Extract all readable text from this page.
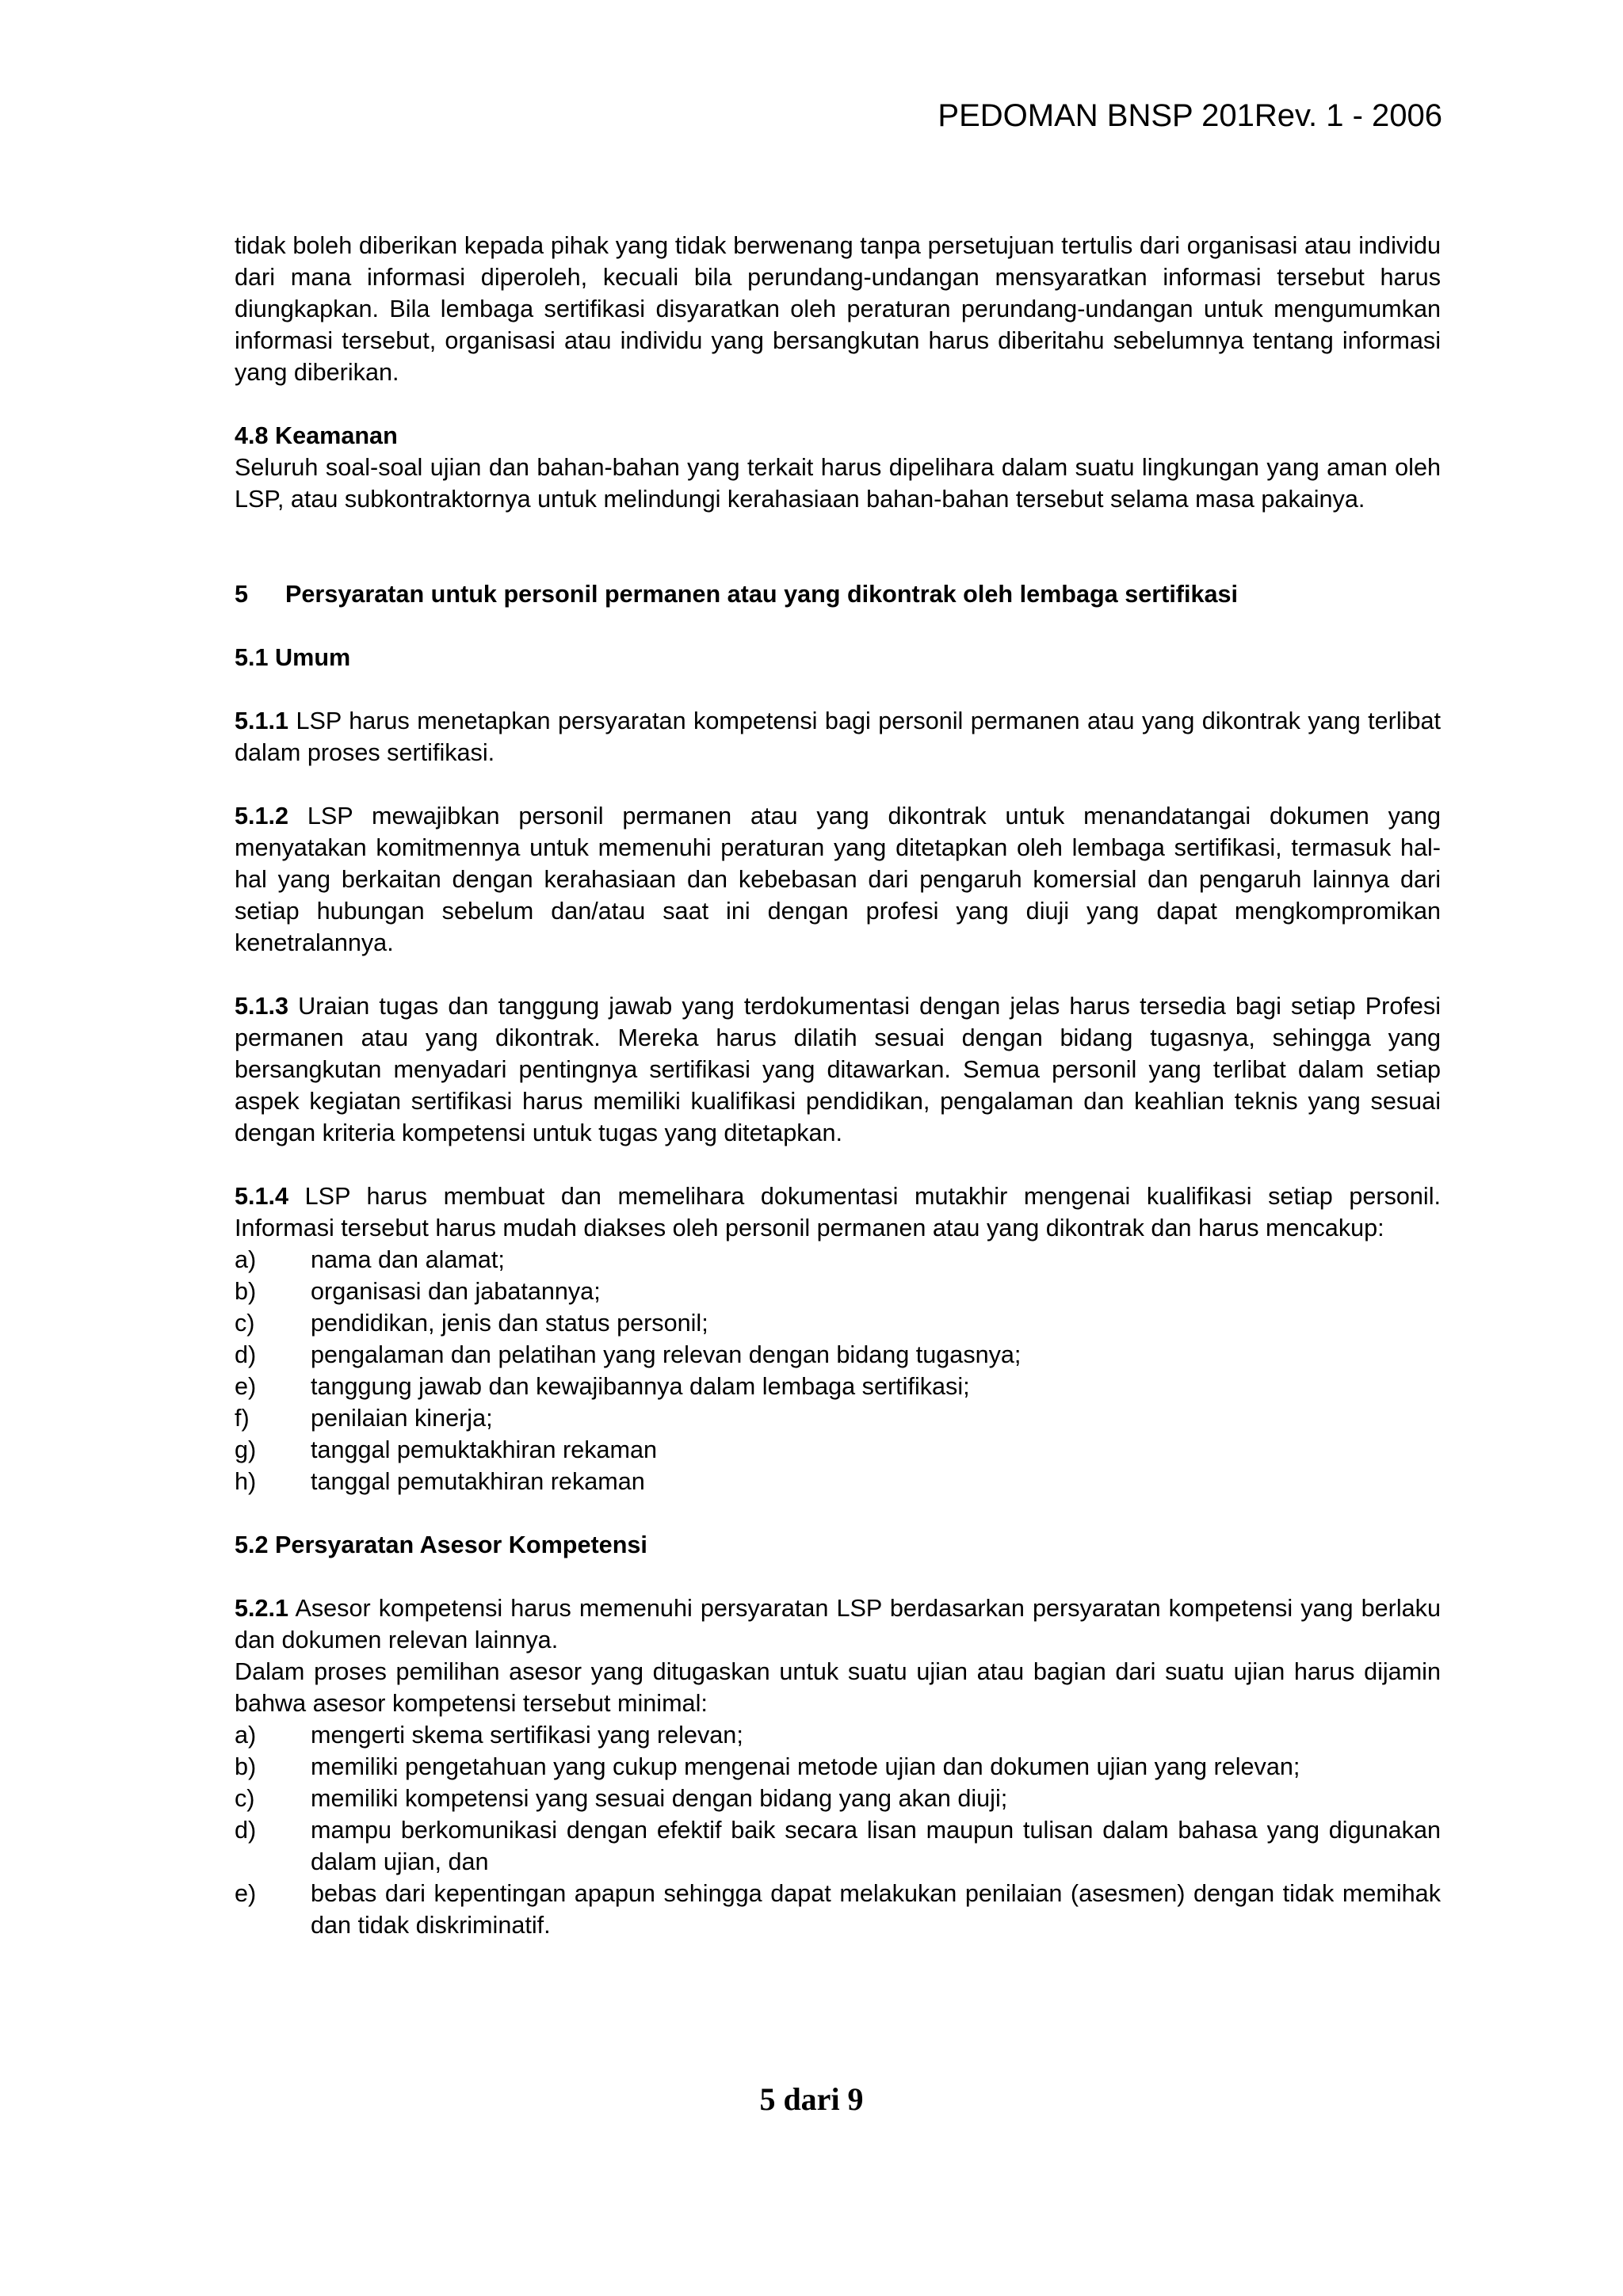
PEDOMAN BNSP 201Rev. 1 - 2006

tidak boleh diberikan kepada pihak yang tidak berwenang tanpa persetujuan tertulis dari organisasi atau individu dari mana informasi diperoleh, kecuali bila perundang-undangan mensyaratkan informasi tersebut harus diungkapkan. Bila lembaga sertifikasi disyaratkan oleh peraturan perundang-undangan untuk mengumumkan informasi tersebut, organisasi atau individu yang bersangkutan harus diberitahu sebelumnya tentang informasi yang diberikan.

4.8 Keamanan

Seluruh soal-soal ujian dan bahan-bahan yang terkait harus dipelihara dalam suatu lingkungan yang aman oleh LSP, atau subkontraktornya untuk melindungi kerahasiaan bahan-bahan tersebut selama masa pakainya.

5	Persyaratan untuk personil permanen atau yang dikontrak oleh lembaga sertifikasi

5.1 Umum

5.1.1 LSP harus menetapkan persyaratan kompetensi bagi personil permanen atau yang dikontrak yang terlibat dalam proses sertifikasi.

5.1.2 LSP mewajibkan personil permanen atau yang dikontrak untuk menandatangai dokumen yang menyatakan komitmennya untuk memenuhi peraturan yang ditetapkan oleh lembaga sertifikasi, termasuk hal-hal yang berkaitan dengan kerahasiaan dan kebebasan dari pengaruh komersial dan pengaruh lainnya dari setiap hubungan sebelum dan/atau saat ini dengan profesi yang diuji yang dapat mengkompromikan kenetralannya.

5.1.3 Uraian tugas dan tanggung jawab yang terdokumentasi dengan jelas harus tersedia bagi setiap Profesi permanen atau yang dikontrak. Mereka harus dilatih sesuai dengan bidang tugasnya, sehingga yang bersangkutan menyadari pentingnya sertifikasi yang ditawarkan. Semua personil yang terlibat dalam setiap aspek kegiatan sertifikasi harus memiliki kualifikasi pendidikan, pengalaman dan keahlian teknis yang sesuai dengan kriteria kompetensi untuk tugas yang ditetapkan.

5.1.4 LSP harus membuat dan memelihara dokumentasi mutakhir mengenai kualifikasi setiap personil. Informasi tersebut harus mudah diakses oleh personil permanen atau yang dikontrak dan harus mencakup:

a)	nama dan alamat;
b)	organisasi dan jabatannya;
c)	pendidikan, jenis dan status personil;
d)	pengalaman dan pelatihan yang relevan dengan bidang tugasnya;
e)	tanggung jawab dan kewajibannya dalam lembaga sertifikasi;
f)	penilaian kinerja;
g)	tanggal pemuktakhiran rekaman
h)	tanggal pemutakhiran rekaman

5.2 Persyaratan Asesor Kompetensi

5.2.1 Asesor kompetensi harus memenuhi persyaratan LSP berdasarkan persyaratan kompetensi yang berlaku dan dokumen relevan lainnya.

Dalam proses pemilihan asesor yang ditugaskan untuk suatu ujian atau bagian dari suatu ujian harus dijamin bahwa asesor kompetensi tersebut minimal:

a)	mengerti skema sertifikasi yang relevan;
b)	memiliki pengetahuan yang cukup mengenai metode ujian dan dokumen ujian yang relevan;
c)	memiliki kompetensi yang sesuai dengan bidang yang akan diuji;
d)	mampu berkomunikasi dengan efektif baik secara lisan maupun tulisan dalam bahasa yang digunakan dalam ujian, dan
e)	bebas dari kepentingan apapun sehingga dapat melakukan penilaian (asesmen) dengan tidak memihak dan tidak diskriminatif.
5 dari 9
